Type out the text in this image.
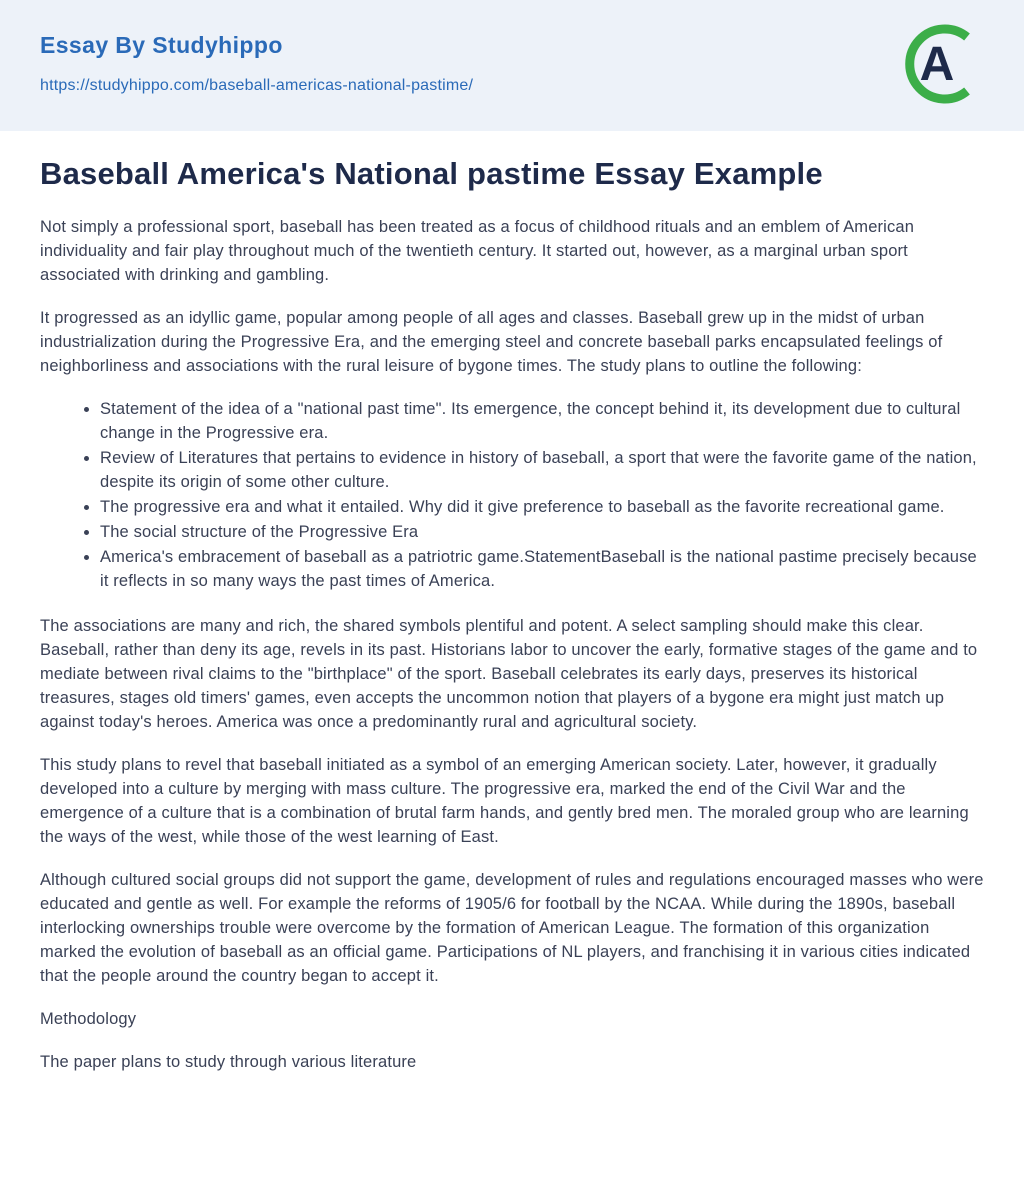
Essay By Studyhippo
https://studyhippo.com/baseball-americas-national-pastime/	A
Baseball America's National pastime Essay Example

Not simply a professional sport, baseball has been treated as a focus of childhood rituals and an emblem of American individuality and fair play throughout much of the twentieth century. It started out, however, as a marginal urban sport associated with drinking and gambling.

It progressed as an idyllic game, popular among people of all ages and classes. Baseball grew up in the midst of urban industrialization during the Progressive Era, and the emerging steel and concrete baseball parks encapsulated feelings of neighborliness and associations with the rural leisure of bygone times. The study plans to outline the following:

• Statement of the idea of a "national past time". Its emergence, the concept behind it, its development due to cultural change in the Progressive era.
• Review of Literatures that pertains to evidence in history of baseball, a sport that were the favorite game of the nation, despite its origin of some other culture.
• The progressive era and what it entailed. Why did it give preference to baseball as the favorite recreational game.
• The social structure of the Progressive Era
• America's embracement of baseball as a patriotric game.StatementBaseball is the national pastime precisely because it reflects in so many ways the past times of America.

The associations are many and rich, the shared symbols plentiful and potent. A select sampling should make this clear. Baseball, rather than deny its age, revels in its past. Historians labor to uncover the early, formative stages of the game and to mediate between rival claims to the "birthplace" of the sport. Baseball celebrates its early days, preserves its historical treasures, stages old timers' games, even accepts the uncommon notion that players of a bygone era might just match up against today's heroes. America was once a predominantly rural and agricultural society.

This study plans to revel that baseball initiated as a symbol of an emerging American society. Later, however, it gradually developed into a culture by merging with mass culture. The progressive era, marked the end of the Civil War and the emergence of a culture that is a combination of brutal farm hands, and gently bred men. The moraled group who are learning the ways of the west, while those of the west learning of East.

Although cultured social groups did not support the game, development of rules and regulations encouraged masses who were educated and gentle as well. For example the reforms of 1905/6 for football by the NCAA. While during the 1890s, baseball interlocking ownerships trouble were overcome by the formation of American League. The formation of this organization marked the evolution of baseball as an official game. Participations of NL players, and franchising it in various cities indicated that the people around the country began to accept it.

Methodology

The paper plans to study through various literature
